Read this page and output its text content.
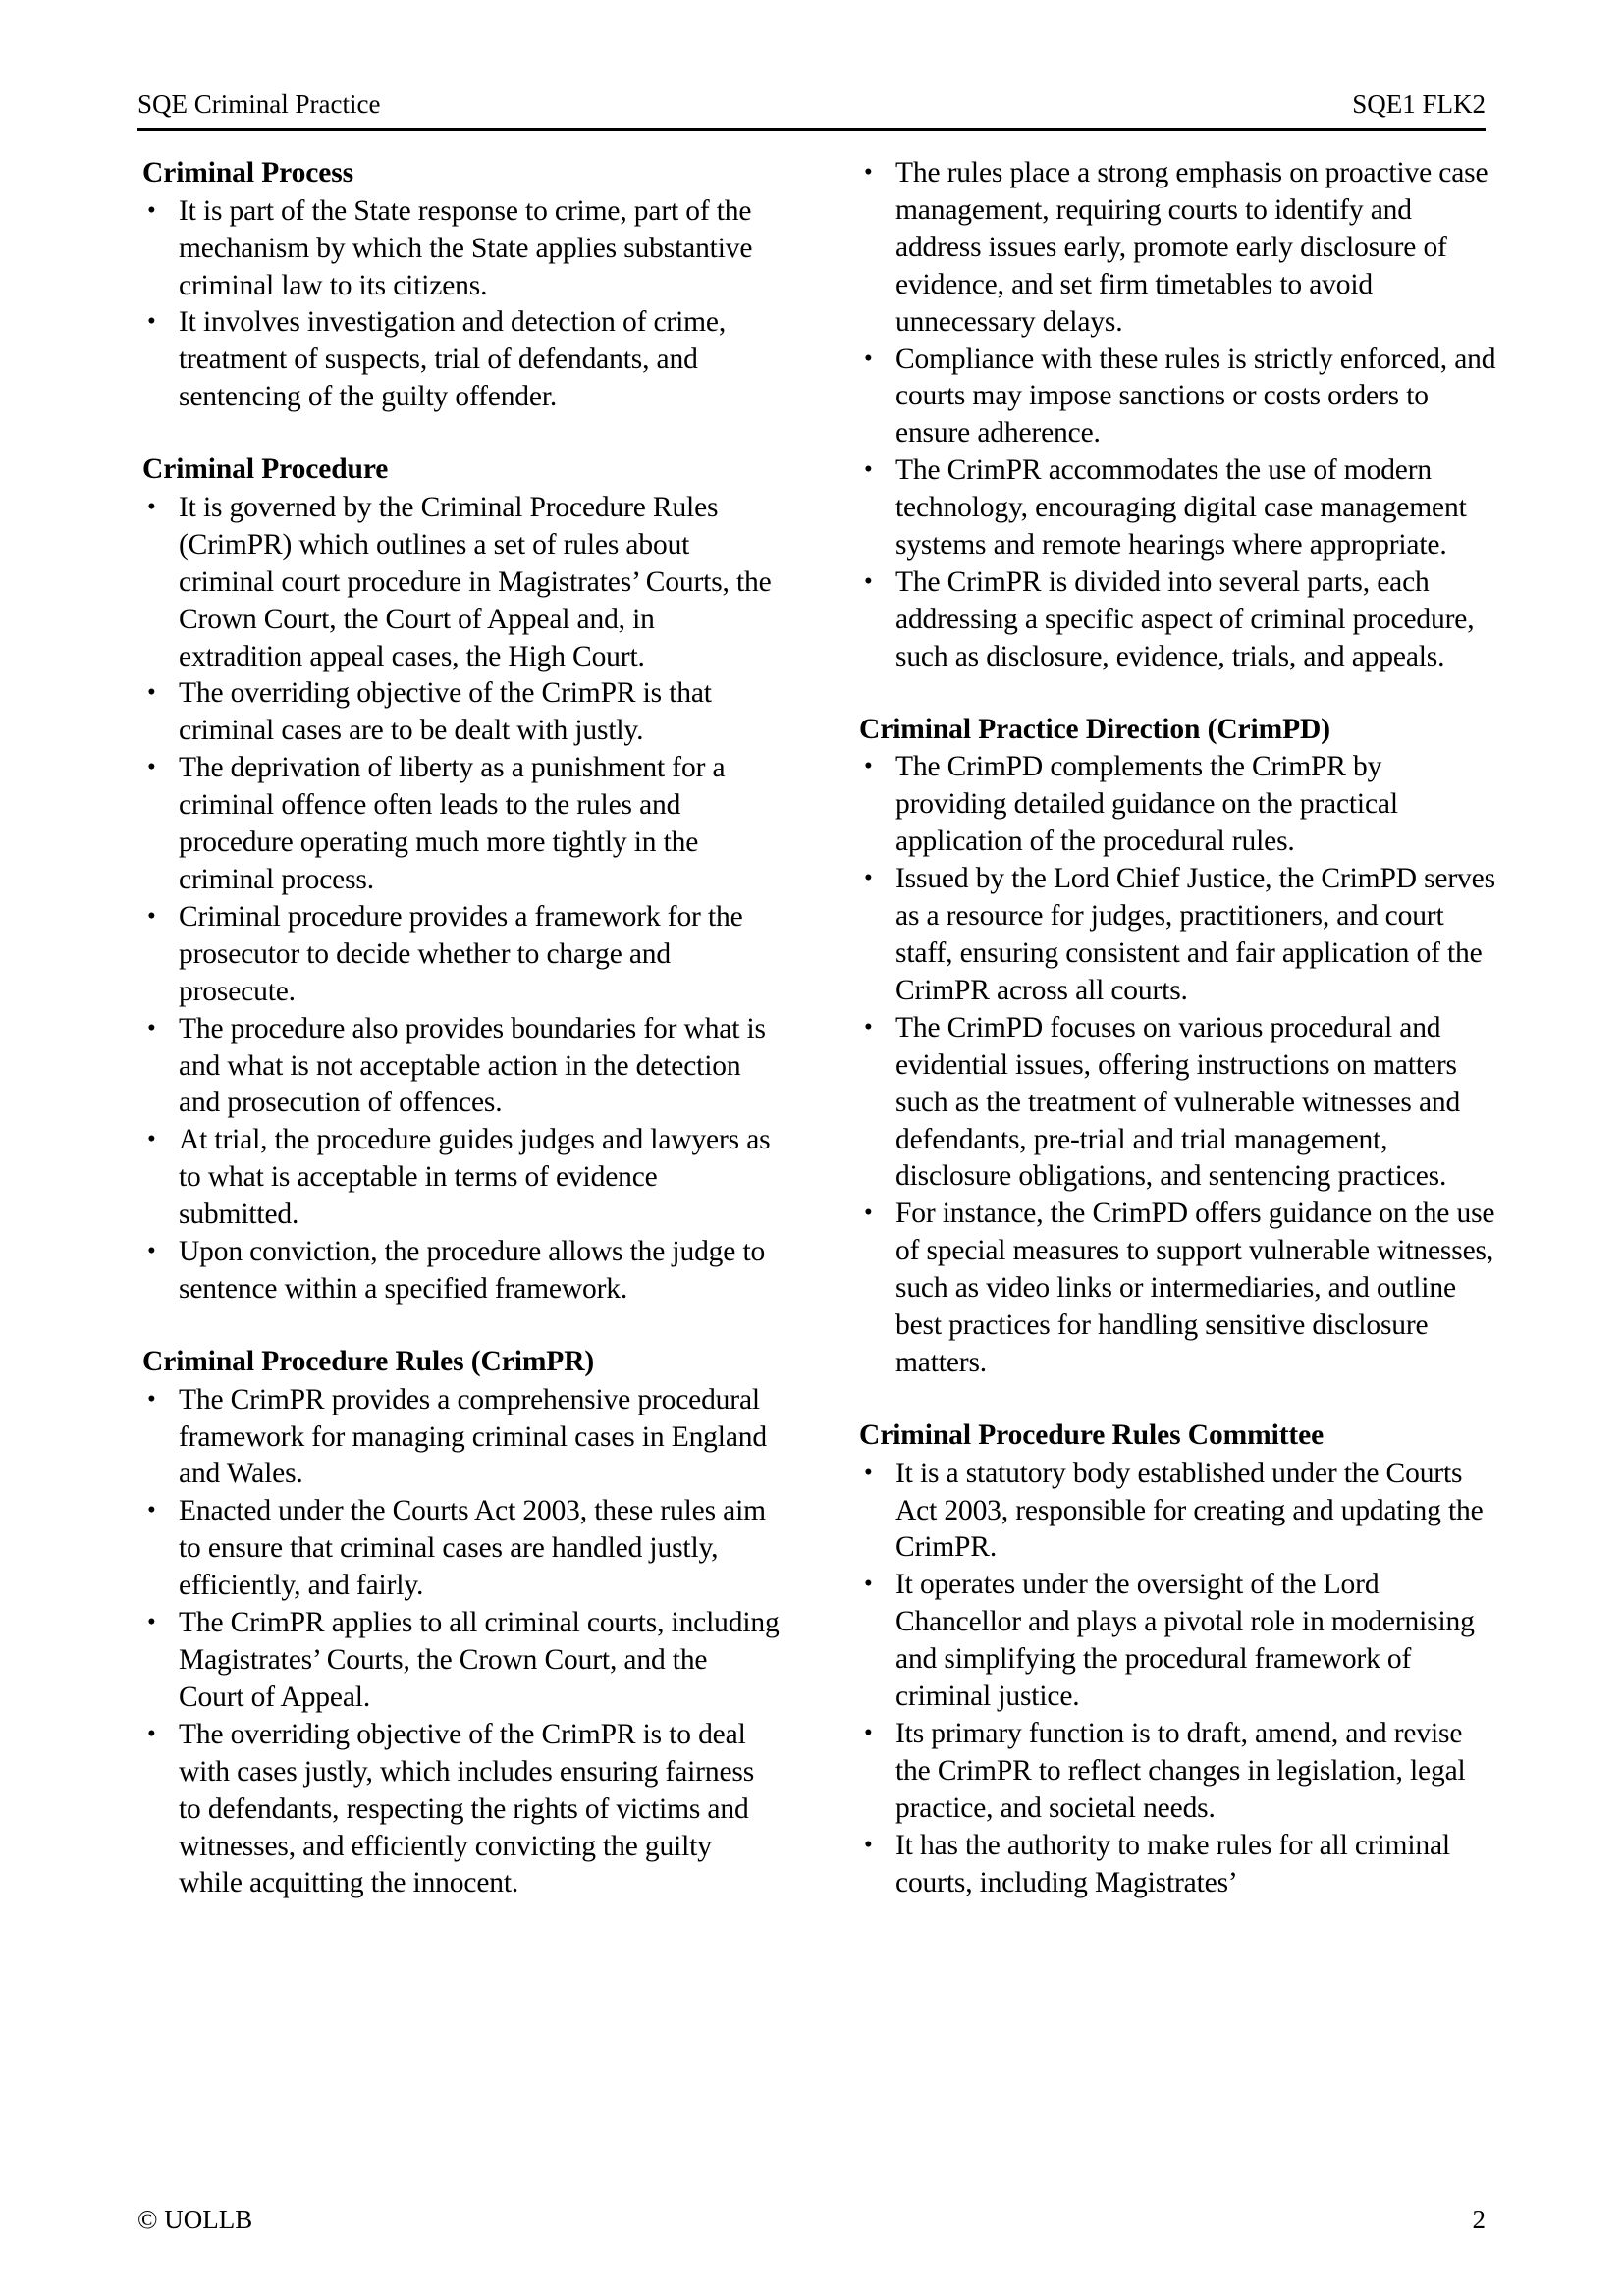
SQE Criminal Practice	SQE1 FLK2
Criminal Process
• It is part of the State response to crime, part of the mechanism by which the State applies substantive criminal law to its citizens.
• It involves investigation and detection of crime, treatment of suspects, trial of defendants, and sentencing of the guilty offender.
Criminal Procedure
• It is governed by the Criminal Procedure Rules (CrimPR) which outlines a set of rules about criminal court procedure in Magistrates’ Courts, the Crown Court, the Court of Appeal and, in extradition appeal cases, the High Court.
• The overriding objective of the CrimPR is that criminal cases are to be dealt with justly.
• The deprivation of liberty as a punishment for a criminal offence often leads to the rules and procedure operating much more tightly in the criminal process.
• Criminal procedure provides a framework for the prosecutor to decide whether to charge and prosecute.
• The procedure also provides boundaries for what is and what is not acceptable action in the detection and prosecution of offences.
• At trial, the procedure guides judges and lawyers as to what is acceptable in terms of evidence submitted.
• Upon conviction, the procedure allows the judge to sentence within a specified framework.
Criminal Procedure Rules (CrimPR)
• The CrimPR provides a comprehensive procedural framework for managing criminal cases in England and Wales.
• Enacted under the Courts Act 2003, these rules aim to ensure that criminal cases are handled justly, efficiently, and fairly.
• The CrimPR applies to all criminal courts, including Magistrates’ Courts, the Crown Court, and the Court of Appeal.
• The overriding objective of the CrimPR is to deal with cases justly, which includes ensuring fairness to defendants, respecting the rights of victims and witnesses, and efficiently convicting the guilty while acquitting the innocent.
• The rules place a strong emphasis on proactive case management, requiring courts to identify and address issues early, promote early disclosure of evidence, and set firm timetables to avoid unnecessary delays.
• Compliance with these rules is strictly enforced, and courts may impose sanctions or costs orders to ensure adherence.
• The CrimPR accommodates the use of modern technology, encouraging digital case management systems and remote hearings where appropriate.
• The CrimPR is divided into several parts, each addressing a specific aspect of criminal procedure, such as disclosure, evidence, trials, and appeals.
Criminal Practice Direction (CrimPD)
• The CrimPD complements the CrimPR by providing detailed guidance on the practical application of the procedural rules.
• Issued by the Lord Chief Justice, the CrimPD serves as a resource for judges, practitioners, and court staff, ensuring consistent and fair application of the CrimPR across all courts.
• The CrimPD focuses on various procedural and evidential issues, offering instructions on matters such as the treatment of vulnerable witnesses and defendants, pre-trial and trial management, disclosure obligations, and sentencing practices.
• For instance, the CrimPD offers guidance on the use of special measures to support vulnerable witnesses, such as video links or intermediaries, and outline best practices for handling sensitive disclosure matters.
Criminal Procedure Rules Committee
• It is a statutory body established under the Courts Act 2003, responsible for creating and updating the CrimPR.
• It operates under the oversight of the Lord Chancellor and plays a pivotal role in modernising and simplifying the procedural framework of criminal justice.
• Its primary function is to draft, amend, and revise the CrimPR to reflect changes in legislation, legal practice, and societal needs.
• It has the authority to make rules for all criminal courts, including Magistrates’
© UOLLB	2
